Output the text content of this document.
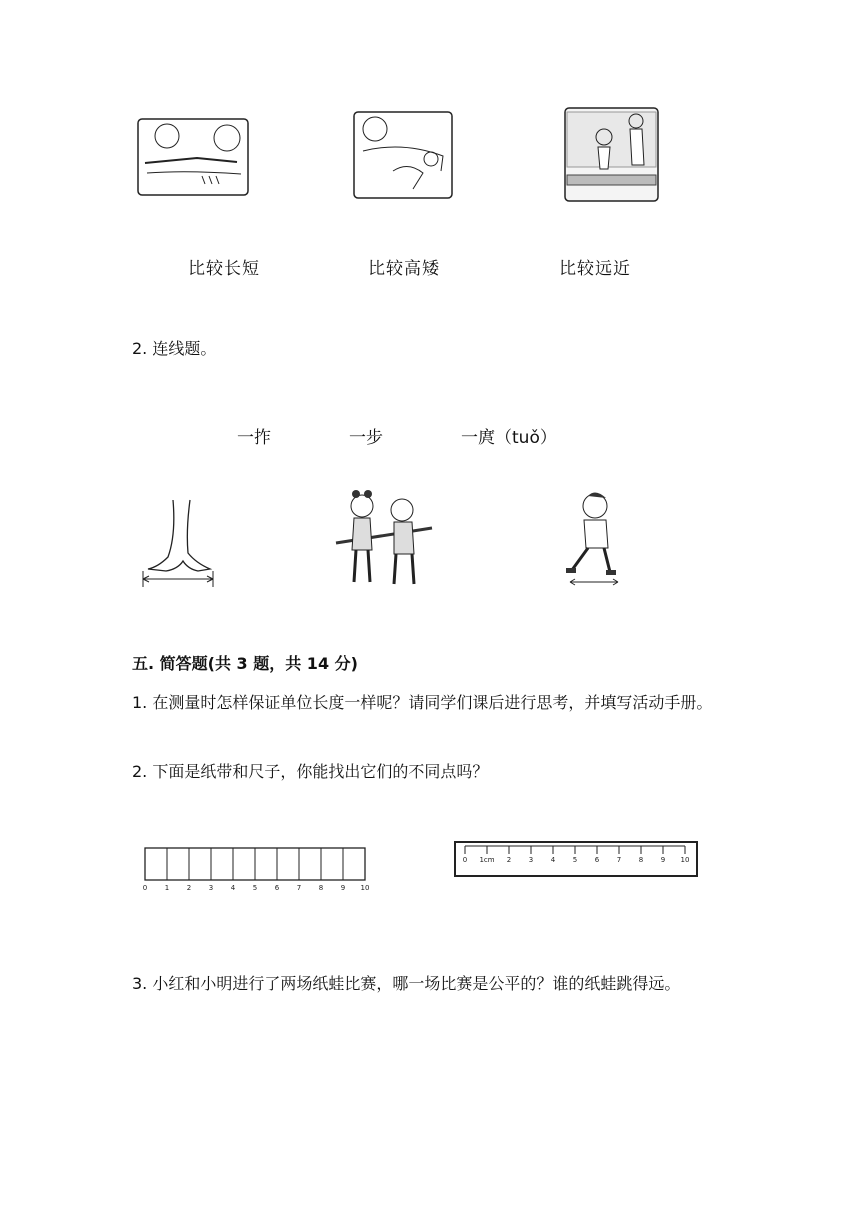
比较长短	比较高矮	比较远近
2. 连线题。
一拃	一步	一庹（tuǒ）
五. 简答题(共 3 题，共 14 分)
1. 在测量时怎样保证单位长度一样呢？请同学们课后进行思考，并填写活动手册。
2. 下面是纸带和尺子，你能找出它们的不同点吗？
0	1	2	3	4	5	6	7	8	9 10
0 1cm 2	3	4	5	6	7	8	9 10
3. 小红和小明进行了两场纸蛙比赛，哪一场比赛是公平的？谁的纸蛙跳得远。
